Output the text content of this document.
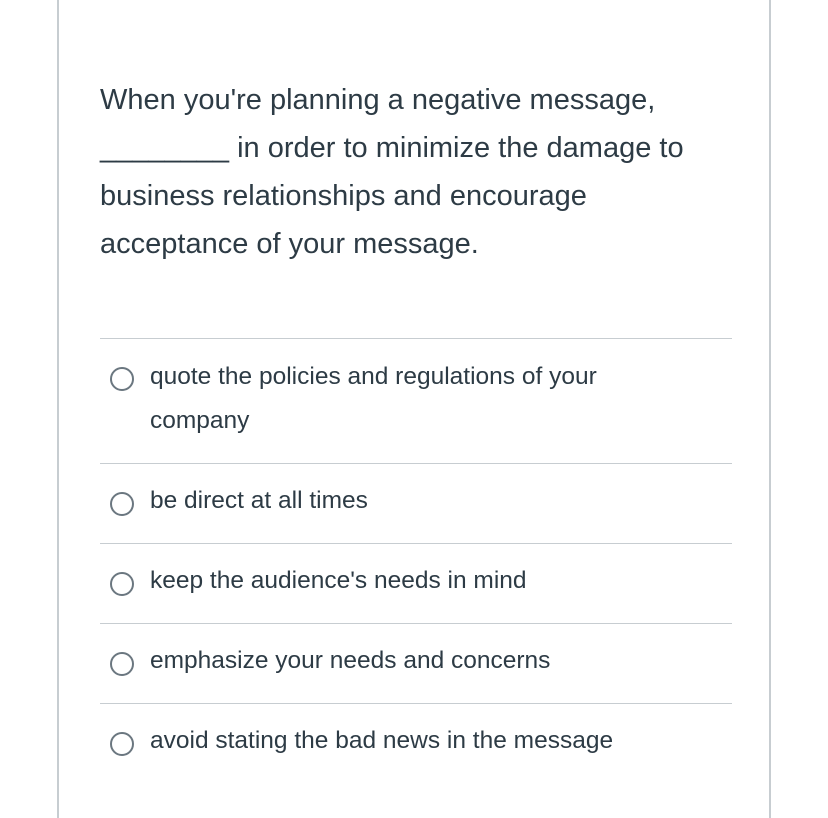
When you're planning a negative message, ________ in order to minimize the damage to business relationships and encourage acceptance of your message.

quote the policies and regulations of your company
be direct at all times
keep the audience's needs in mind
emphasize your needs and concerns
avoid stating the bad news in the message
